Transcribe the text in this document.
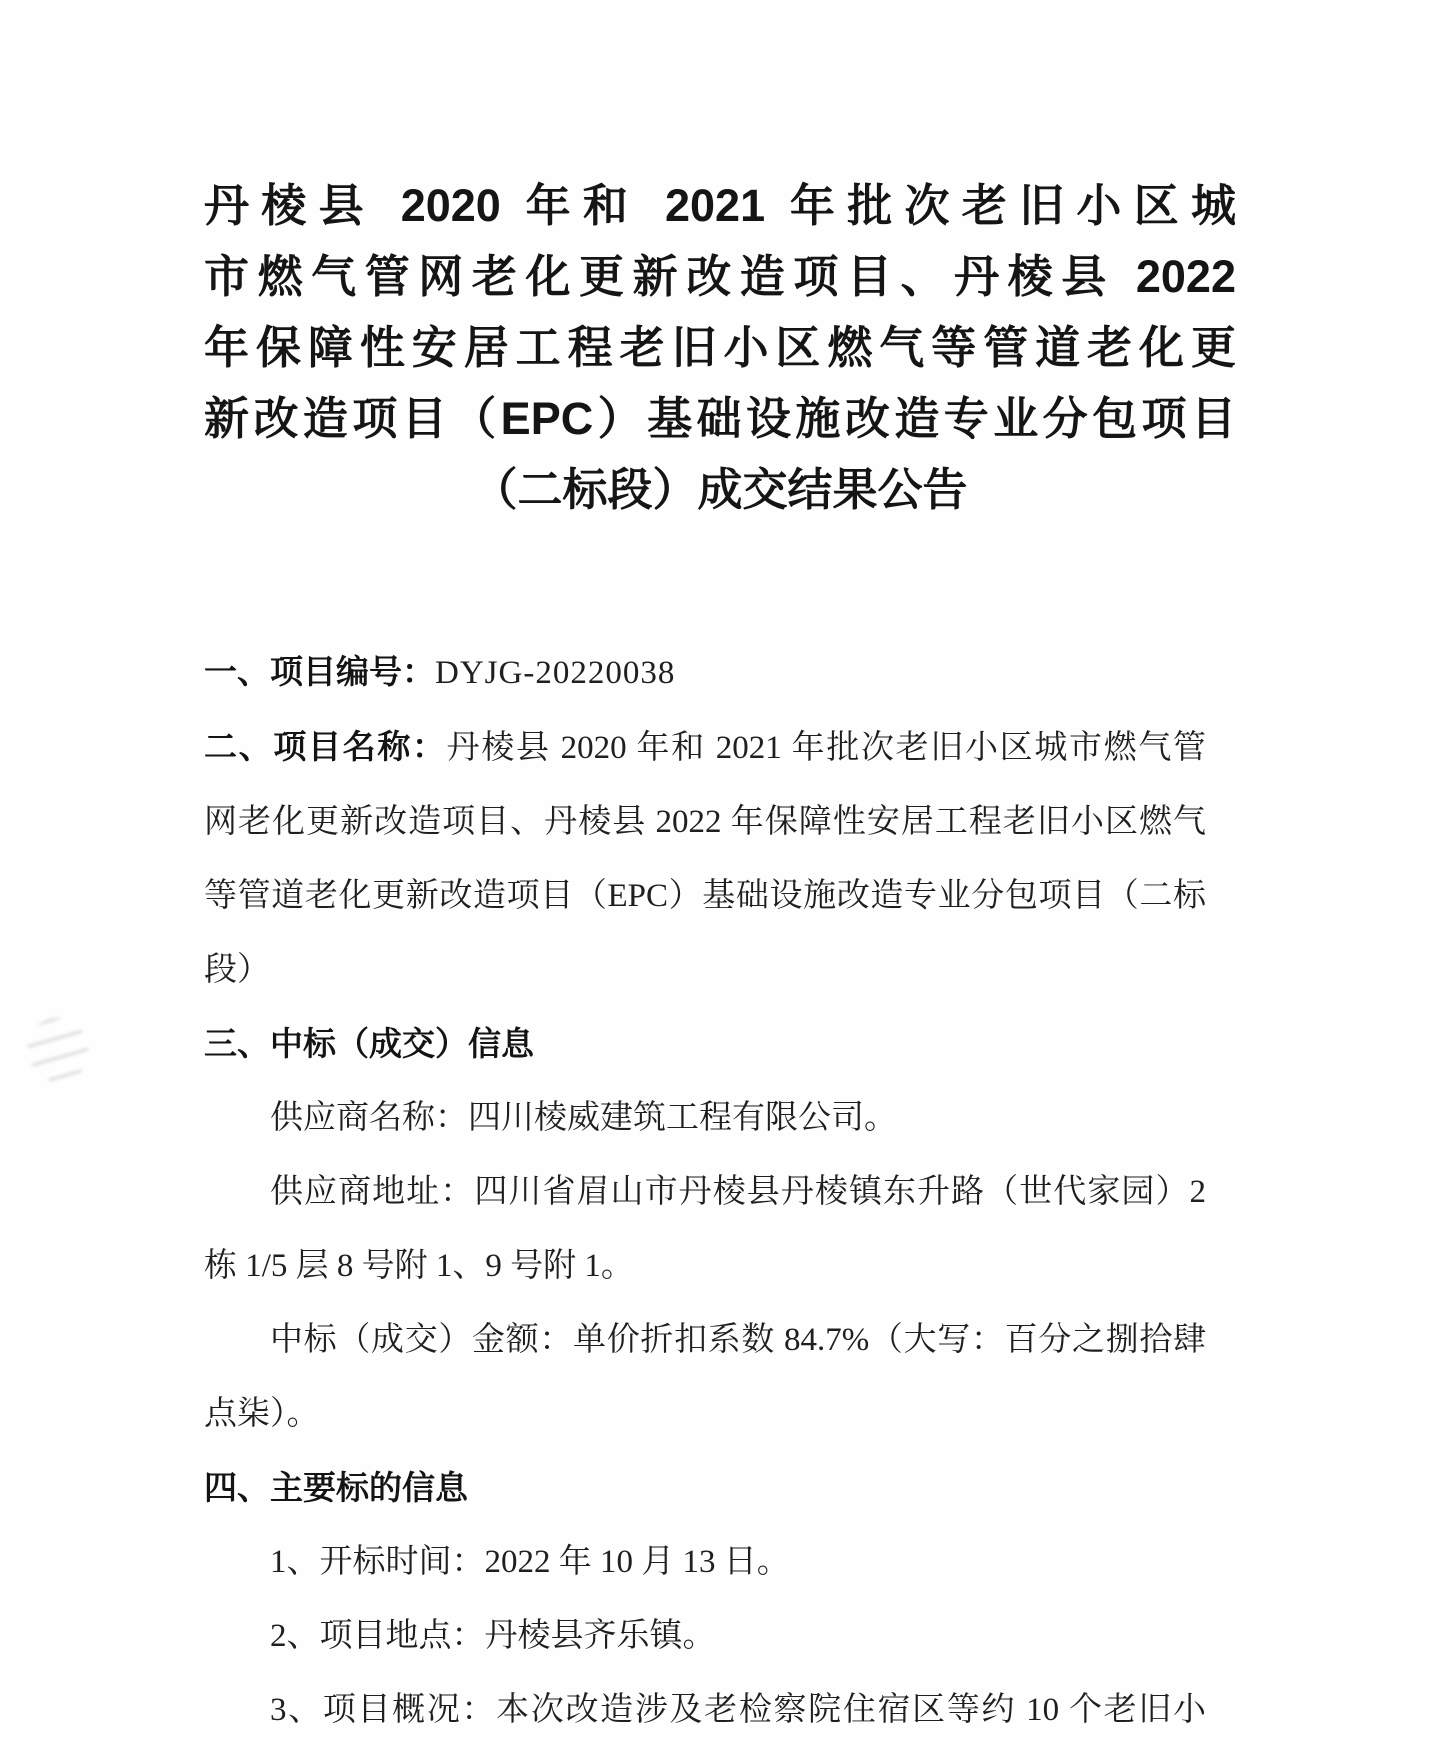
丹棱县 2020 年和 2021 年批次老旧小区城
市燃气管网老化更新改造项目、丹棱县 2022
年保障性安居工程老旧小区燃气等管道老化更
新改造项目（EPC）基础设施改造专业分包项目
（二标段）成交结果公告
一、项目编号：DYJG-20220038
二、项目名称：丹棱县 2020 年和 2021 年批次老旧小区城市燃气管
网老化更新改造项目、丹棱县 2022 年保障性安居工程老旧小区燃气
等管道老化更新改造项目（EPC）基础设施改造专业分包项目（二标
段）
三、中标（成交）信息
供应商名称：四川棱威建筑工程有限公司。
供应商地址：四川省眉山市丹棱县丹棱镇东升路（世代家园）2
栋 1/5 层 8 号附 1、9 号附 1。
中标（成交）金额：单价折扣系数 84.7%（大写：百分之捌拾肆
点柒）。
四、主要标的信息
1、开标时间：2022 年 10 月 13 日。
2、项目地点：丹棱县齐乐镇。
3、项目概况：本次改造涉及老检察院住宿区等约 10 个老旧小
